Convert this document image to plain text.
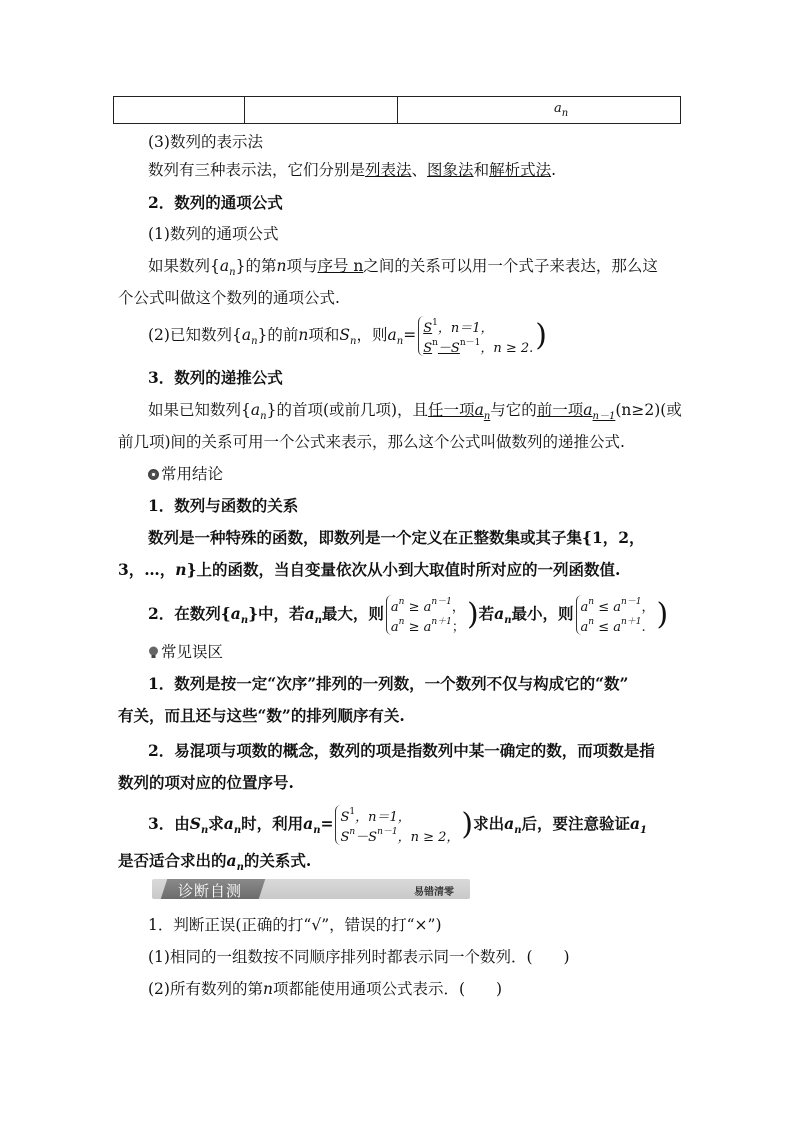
		$a_n$
(3)数列的表示法
数列有三种表示法，它们分别是列表法、图象法和解析式法.
2．数列的通项公式
(1)数列的通项公式
如果数列$\{a_n\}$的第n项与序号 n之间的关系可以用一个式子来表达，那么这
个公式叫做这个数列的通项公式.
(2)已知数列$\{a_n\}$的前n项和$S_n$，则$a_n= S^1$，n＝1，
$S^n-S^{n-1}$，n ≥ 2.)
3．数列的递推公式
如果已知数列$\{a_n\}$的首项(或前几项)，且任一项$a_n$与它的前一项$a_{n-1}(n\ge 2)$(或
前几项)间的关系可用一个公式来表示，那么这个公式叫做数列的递推公式.
常用结论
1．数列与函数的关系
数列是一种特殊的函数，即数列是一个定义在正整数集或其子集{1，2，
3，…，n}上的函数，当自变量依次从小到大取值时所对应的一列函数值.
2．在数列$\{a_n\}$中，若$a_n$最大，则 $a^n \ge a^{n-1}$，
$a^n \ge a^{n+1}$；)若$a_n$最小，则 $a^n \le a^{n-1}$，
$a^n \le a^{n+1}$. )
常见误区
1．数列是按一定“次序”排列的一列数，一个数列不仅与构成它的“数”
有关，而且还与这些“数”的排列顺序有关.
2．易混项与项数的概念，数列的项是指数列中某一确定的数，而项数是指
数列的项对应的位置序号.
3．由$S_n$求$a_n$时，利用$a_n= S^1$，n＝1，
$S^n-S^{n-1}$，n ≥ 2，)求出$a_n$后，要注意验证$a_1$
是否适合求出的$a_n$的关系式.
诊断自测	易错清零
1．判断正误(正确的打“√”，错误的打“×”)
(1)相同的一组数按不同顺序排列时都表示同一个数列．(　　)
(2)所有数列的第n项都能使用通项公式表示．(　　)
